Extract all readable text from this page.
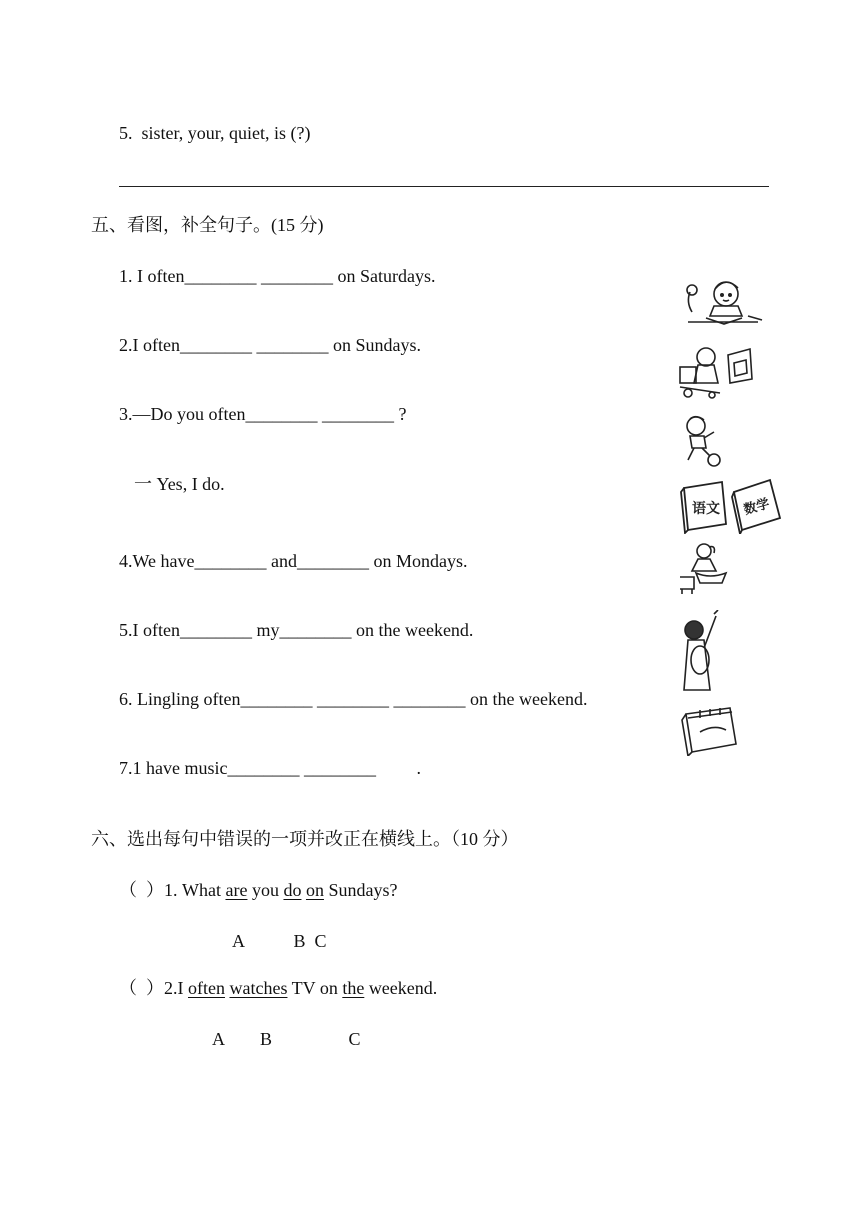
5.  sister, your, quiet, is (?)
五、看图，补全句子。(15 分)
1. I often________ ________ on Saturdays.
2.I often________ ________ on Sundays.
3.—Do you often________ ________ ?
一 Yes, I do.
4.We have________ and________ on Mondays.
5.I often________ my________ on the weekend.
6. Lingling often________ ________ ________ on the weekend.
7.1 have music________ ________         .
语文 数学
六、选出每句中错误的一项并改正在横线上。（10 分）
（  ）1. What are you do on Sundays?
A           B  C
（  ）2.I often watches TV on the weekend.
A        B                 C
